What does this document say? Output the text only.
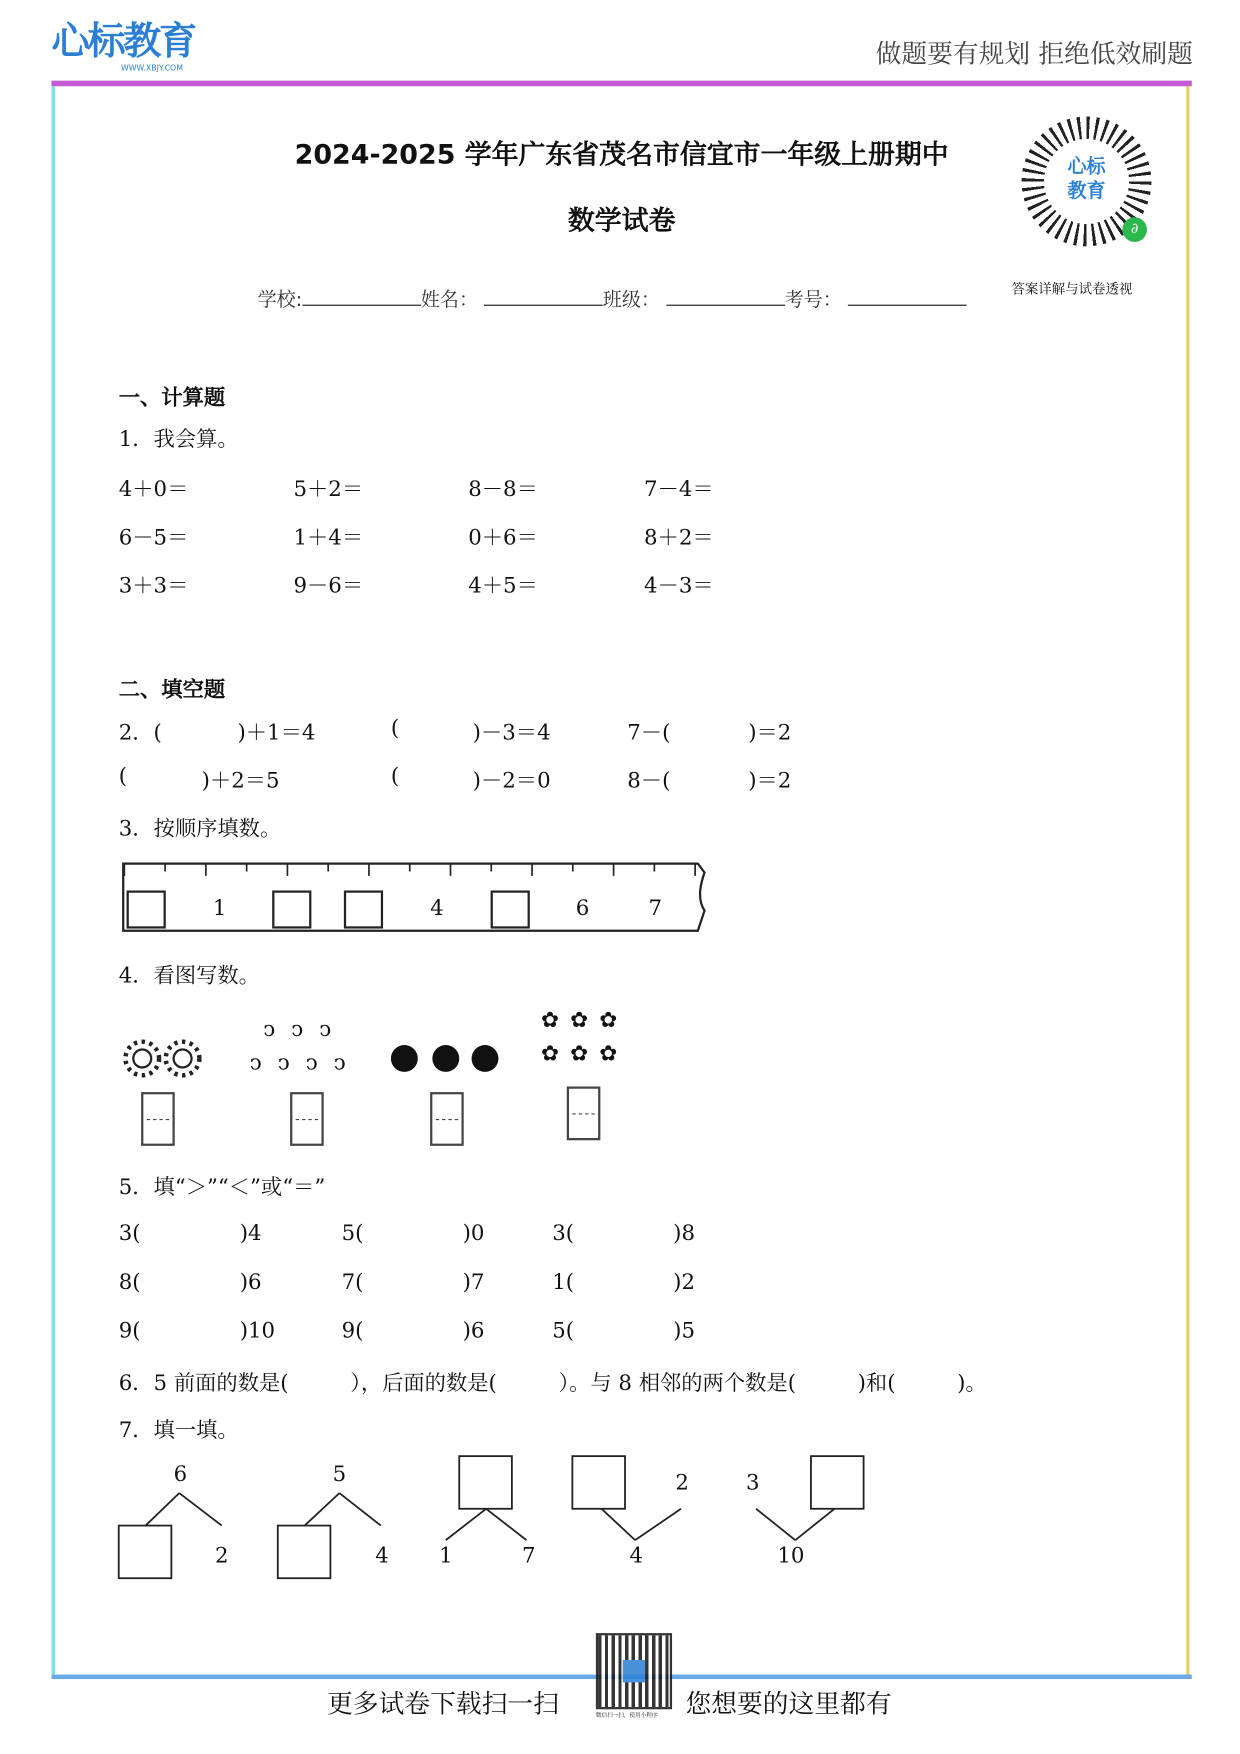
心标教育
WWW.XBJY.COM	做题要有规划 拒绝低效刷题
2024-2025 学年广东省茂名市信宜市一年级上册期中
数学试卷
心标
教育
∂
答案详解与试卷透视
学校:	姓名：	班级：	考号：
一、计算题
1．我会算。
二、填空题
3．按顺序填数。
1	4	6	7
4．看图写数。
ↄ ↄ ↄ
ↄ ↄ ↄ ↄ
✿ ✿ ✿
✿ ✿ ✿
5．填“＞”“＜”或“＝”
6．5 前面的数是(	），后面的数是(	）。与 8 相邻的两个数是(	)和(	)。
7．填一填。
6
2
5
4	1	7
2
4
3
10
更多试卷下载扫一扫	微信扫一扫，使用小程序 您想要的这里都有
4＋0＝	5＋2＝	8－8＝	7－4＝
6－5＝	1＋4＝	0＋6＝	8＋2＝
3＋3＝	9－6＝	4＋5＝	4－3＝
2．(	)＋1＝4	(	)－3＝4	7－(	)＝2
(	)＋2＝5	(	)－2＝0	8－(	)＝2
3(	)4	5(	)0	3(	)8
8(	)6	7(	)7	1(	)2
9(	)10	9(	)6	5(	)5
